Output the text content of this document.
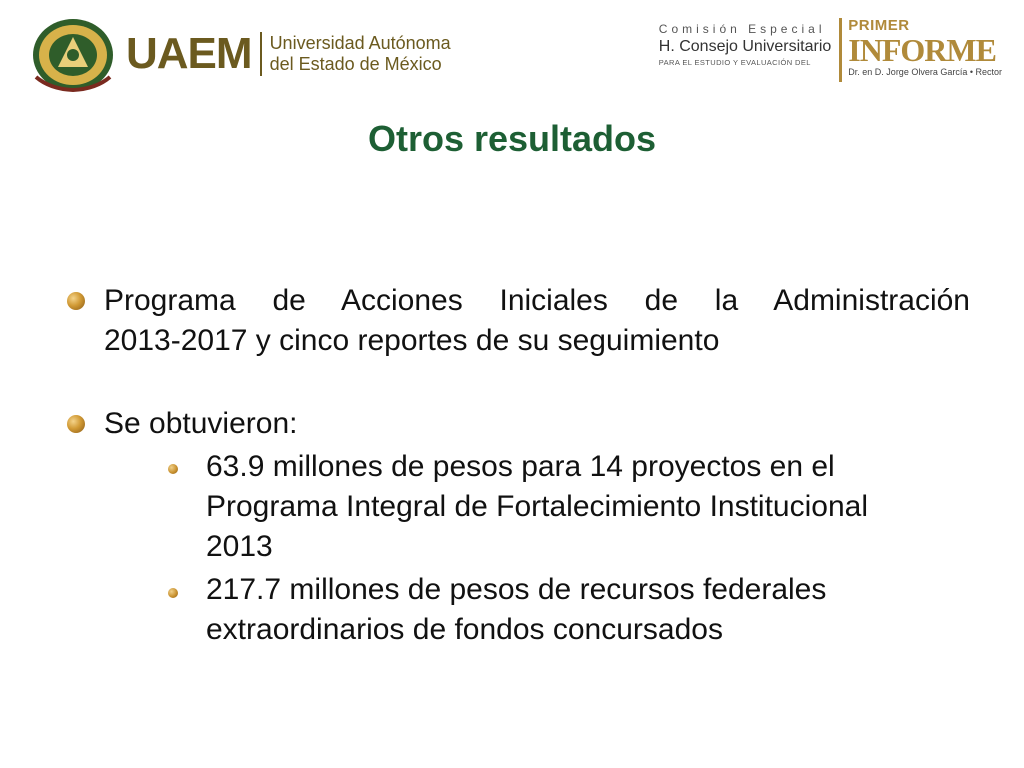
UAEM Universidad Autónoma
del Estado de México
Comisión Especial
H. Consejo Universitario
PARA EL ESTUDIO Y EVALUACIÓN DEL
PRIMER
INFORME
Dr. en D. Jorge Olvera García • Rector
Otros resultados
Programa de Acciones Iniciales de la Administración
2013-2017 y cinco reportes de su seguimiento
Se obtuvieron:
63.9 millones de pesos para 14 proyectos en el
Programa Integral de Fortalecimiento Institucional
2013
217.7 millones de pesos de recursos federales
extraordinarios de fondos concursados
